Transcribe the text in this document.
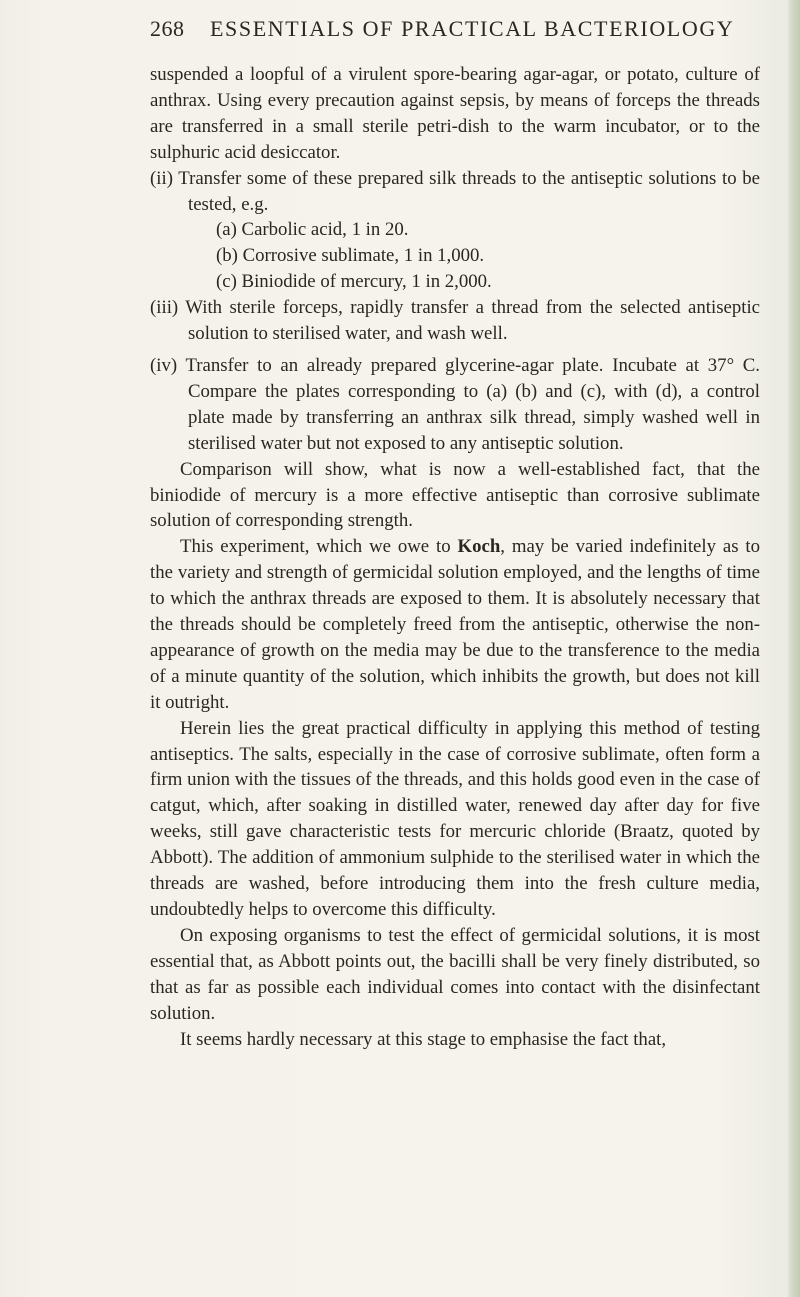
268 ESSENTIALS OF PRACTICAL BACTERIOLOGY

suspended a loopful of a virulent spore-bearing agar-agar, or potato, culture of anthrax. Using every precaution against sepsis, by means of forceps the threads are transferred in a small sterile petri-dish to the warm incubator, or to the sulphuric acid desiccator.

(ii) Transfer some of these prepared silk threads to the antiseptic solutions to be tested, e.g.

(a) Carbolic acid, 1 in 20.

(b) Corrosive sublimate, 1 in 1,000.

(c) Biniodide of mercury, 1 in 2,000.

(iii) With sterile forceps, rapidly transfer a thread from the selected antiseptic solution to sterilised water, and wash well.

(iv) Transfer to an already prepared glycerine-agar plate. Incubate at 37° C. Compare the plates corresponding to (a) (b) and (c), with (d), a control plate made by transferring an anthrax silk thread, simply washed well in sterilised water but not exposed to any antiseptic solution.

Comparison will show, what is now a well-established fact, that the biniodide of mercury is a more effective antiseptic than corrosive sublimate solution of corresponding strength.

This experiment, which we owe to Koch, may be varied indefinitely as to the variety and strength of germicidal solution employed, and the lengths of time to which the anthrax threads are exposed to them. It is absolutely necessary that the threads should be completely freed from the antiseptic, otherwise the non-appearance of growth on the media may be due to the transference to the media of a minute quantity of the solution, which inhibits the growth, but does not kill it outright.

Herein lies the great practical difficulty in applying this method of testing antiseptics. The salts, especially in the case of corrosive sublimate, often form a firm union with the tissues of the threads, and this holds good even in the case of catgut, which, after soaking in distilled water, renewed day after day for five weeks, still gave characteristic tests for mercuric chloride (Braatz, quoted by Abbott). The addition of ammonium sulphide to the sterilised water in which the threads are washed, before introducing them into the fresh culture media, undoubtedly helps to overcome this difficulty.

On exposing organisms to test the effect of germicidal solutions, it is most essential that, as Abbott points out, the bacilli shall be very finely distributed, so that as far as possible each individual comes into contact with the disinfectant solution.

It seems hardly necessary at this stage to emphasise the fact that,
